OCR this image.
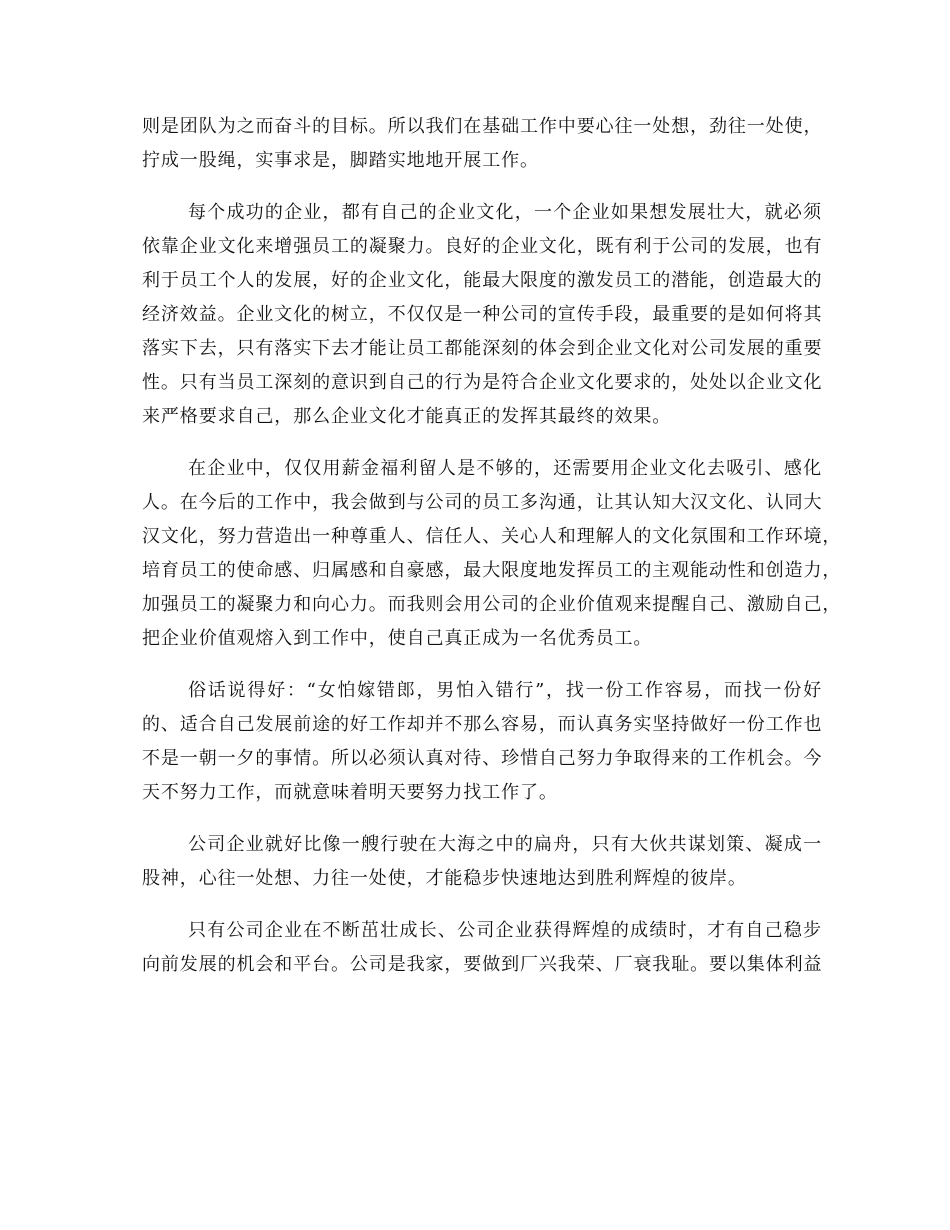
则是团队为之而奋斗的目标。所以我们在基础工作中要心往一处想，劲往一处使，
拧成一股绳，实事求是，脚踏实地地开展工作。
每个成功的企业，都有自己的企业文化，一个企业如果想发展壮大，就必须
依靠企业文化来增强员工的凝聚力。良好的企业文化，既有利于公司的发展，也有
利于员工个人的发展，好的企业文化，能最大限度的激发员工的潜能，创造最大的
经济效益。企业文化的树立，不仅仅是一种公司的宣传手段，最重要的是如何将其
落实下去，只有落实下去才能让员工都能深刻的体会到企业文化对公司发展的重要
性。只有当员工深刻的意识到自己的行为是符合企业文化要求的，处处以企业文化
来严格要求自己，那么企业文化才能真正的发挥其最终的效果。
在企业中，仅仅用薪金福利留人是不够的，还需要用企业文化去吸引、感化
人。在今后的工作中，我会做到与公司的员工多沟通，让其认知大汉文化、认同大
汉文化，努力营造出一种尊重人、信任人、关心人和理解人的文化氛围和工作环境，
培育员工的使命感、归属感和自豪感，最大限度地发挥员工的主观能动性和创造力，
加强员工的凝聚力和向心力。而我则会用公司的企业价值观来提醒自己、激励自己，
把企业价值观熔入到工作中，使自己真正成为一名优秀员工。
俗话说得好：“女怕嫁错郎，男怕入错行”，找一份工作容易，而找一份好
的、适合自己发展前途的好工作却并不那么容易，而认真务实坚持做好一份工作也
不是一朝一夕的事情。所以必须认真对待、珍惜自己努力争取得来的工作机会。今
天不努力工作，而就意味着明天要努力找工作了。
公司企业就好比像一艘行驶在大海之中的扁舟，只有大伙共谋划策、凝成一
股神，心往一处想、力往一处使，才能稳步快速地达到胜利辉煌的彼岸。
只有公司企业在不断茁壮成长、公司企业获得辉煌的成绩时，才有自己稳步
向前发展的机会和平台。公司是我家，要做到厂兴我荣、厂衰我耻。要以集体利益
